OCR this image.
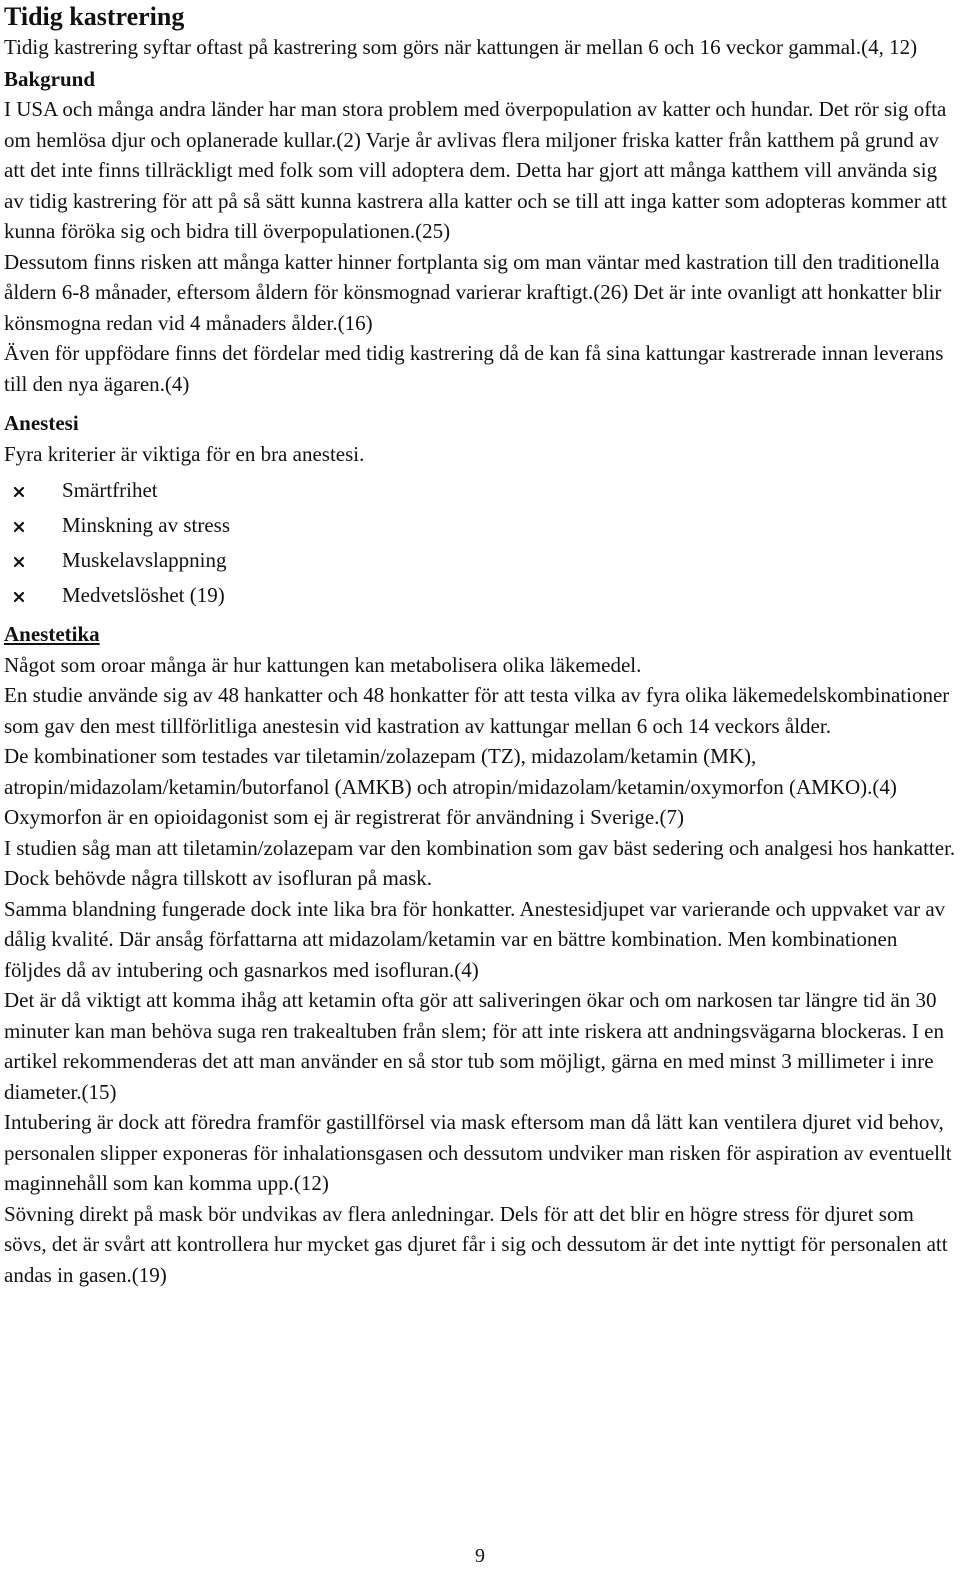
Tidig kastrering

Tidig kastrering syftar oftast på kastrering som görs när kattungen är mellan 6 och 16 veckor gammal.(4, 12)

Bakgrund

I USA och många andra länder har man stora problem med överpopulation av katter och hundar. Det rör sig ofta om hemlösa djur och oplanerade kullar.(2) Varje år avlivas flera miljoner friska katter från katthem på grund av att det inte finns tillräckligt med folk som vill adoptera dem. Detta har gjort att många katthem vill använda sig av tidig kastrering för att på så sätt kunna kastrera alla katter och se till att inga katter som adopteras kommer att kunna föröka sig och bidra till överpopulationen.(25)

Dessutom finns risken att många katter hinner fortplanta sig om man väntar med kastration till den traditionella åldern 6-8 månader, eftersom åldern för könsmognad varierar kraftigt.(26) Det är inte ovanligt att honkatter blir könsmogna redan vid 4 månaders ålder.(16)

Även för uppfödare finns det fördelar med tidig kastrering då de kan få sina kattungar kastrerade innan leverans till den nya ägaren.(4)

Anestesi

Fyra kriterier är viktiga för en bra anestesi.

Smärtfrihet
Minskning av stress
Muskelavslappning
Medvetslöshet (19)
Anestetika

Något som oroar många är hur kattungen kan metabolisera olika läkemedel.

En studie använde sig av 48 hankatter och 48 honkatter för att testa vilka av fyra olika läkemedelskombinationer som gav den mest tillförlitliga anestesin vid kastration av kattungar mellan 6 och 14 veckors ålder.

De kombinationer som testades var tiletamin/zolazepam (TZ), midazolam/ketamin (MK), atropin/midazolam/ketamin/butorfanol (AMKB) och atropin/midazolam/ketamin/oxymorfon (AMKO).(4)

Oxymorfon är en opioidagonist som ej är registrerat för användning i Sverige.(7)

I studien såg man att tiletamin/zolazepam var den kombination som gav bäst sedering och analgesi hos hankatter. Dock behövde några tillskott av isofluran på mask.

Samma blandning fungerade dock inte lika bra för honkatter. Anestesidjupet var varierande och uppvaket var av dålig kvalité. Där ansåg författarna att midazolam/ketamin var en bättre kombination. Men kombinationen följdes då av intubering och gasnarkos med isofluran.(4)

Det är då viktigt att komma ihåg att ketamin ofta gör att saliveringen ökar och om narkosen tar längre tid än 30 minuter kan man behöva suga ren trakealtuben från slem; för att inte riskera att andningsvägarna blockeras. I en artikel rekommenderas det att man använder en så stor tub som möjligt, gärna en med minst 3 millimeter i inre diameter.(15)

Intubering är dock att föredra framför gastillförsel via mask eftersom man då lätt kan ventilera djuret vid behov, personalen slipper exponeras för inhalationsgasen och dessutom undviker man risken för aspiration av eventuellt maginnehåll som kan komma upp.(12)

Sövning direkt på mask bör undvikas av flera anledningar. Dels för att det blir en högre stress för djuret som sövs, det är svårt att kontrollera hur mycket gas djuret får i sig och dessutom är det inte nyttigt för personalen att andas in gasen.(19)

9
